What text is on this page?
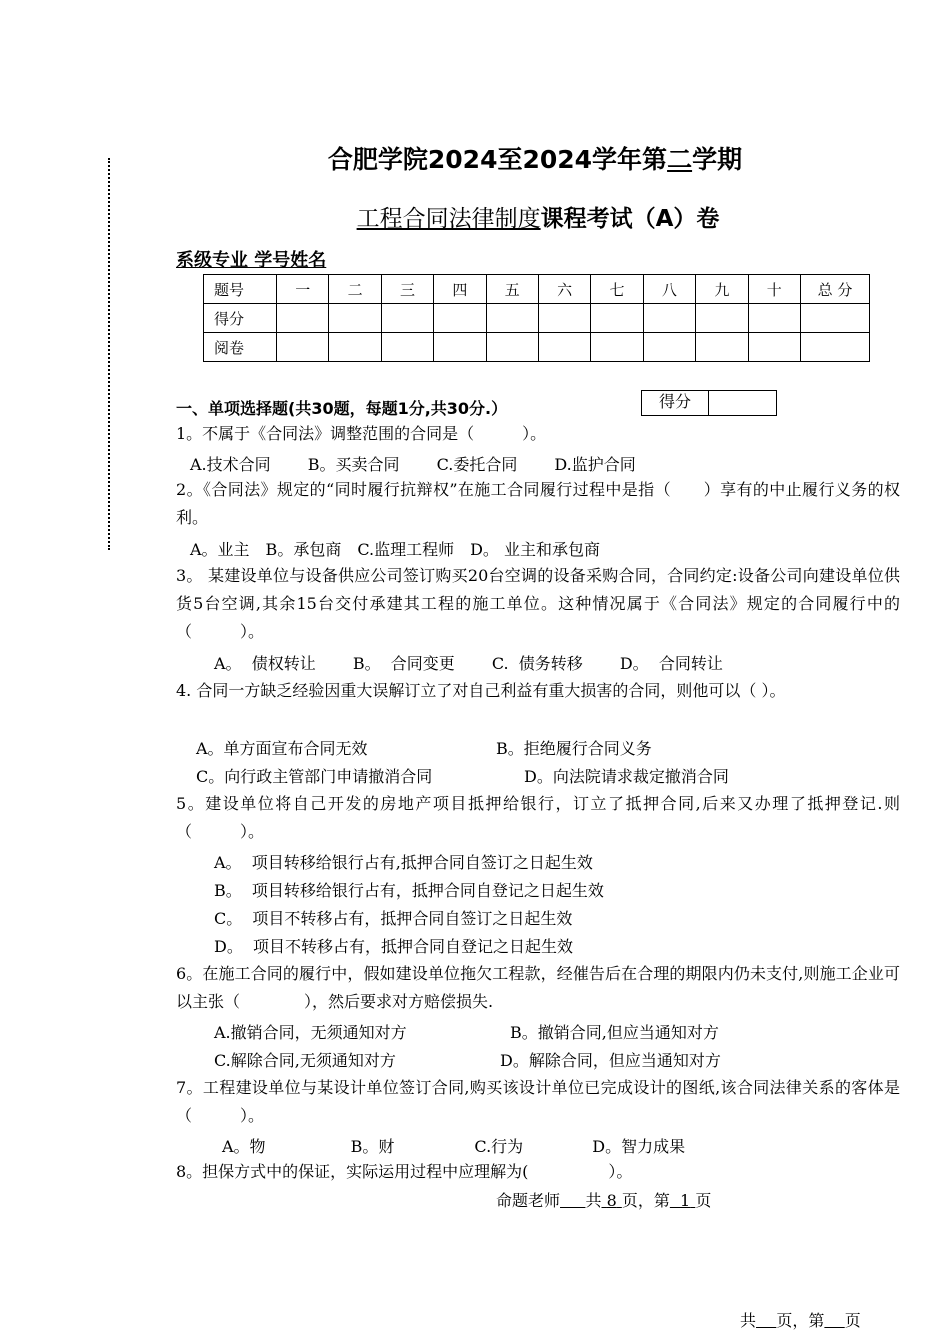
合肥学院2024至2024学年第二学期
工程合同法律制度课程考试（A）卷
系级专业 学号姓名
题号	一	二	三	四	五	六	七	八	九	十	总 分
得分											
阅卷											
一、单项选择题(共30题，每题1分,共30分.）	得分
1。不属于《合同法》调整范围的合同是（　　　）。
A.技术合同　　 B。买卖合同　　 C.委托合同　　 D.监护合同
2。《合同法》规定的“同时履行抗辩权”在施工合同履行过程中是指（　　）享有的中止履行义务的权利。
A。业主　B。承包商　C.监理工程师　D。 业主和承包商
3。 某建设单位与设备供应公司签订购买20台空调的设备采购合同，合同约定:设备公司向建设单位供货5台空调,其余15台交付承建其工程的施工单位。这种情况属于《合同法》规定的合同履行中的（　　　）。
A。  债权转让　　 B。  合同变更　　 C.  债务转移　　 D。  合同转让
4. 合同一方缺乏经验因重大误解订立了对自己利益有重大损害的合同，则他可以（ ）。
A。单方面宣布合同无效	B。拒绝履行合同义务
C。向行政主管部门申请撤消合同	D。向法院请求裁定撤消合同
5。建设单位将自己开发的房地产项目抵押给银行，订立了抵押合同,后来又办理了抵押登记.则（　　　）。
A。  项目转移给银行占有,抵押合同自签订之日起生效
B。  项目转移给银行占有，抵押合同自登记之日起生效
C。  项目不转移占有，抵押合同自签订之日起生效
D。  项目不转移占有，抵押合同自登记之日起生效
6。在施工合同的履行中，假如建设单位拖欠工程款，经催告后在合理的期限内仍未支付,则施工企业可以主张（　　　　），然后要求对方赔偿损失.
A.撤销合同，无须通知对方	B。撤销合同,但应当通知对方
C.解除合同,无须通知对方	D。解除合同，但应当通知对方
7。工程建设单位与某设计单位签订合同,购买该设计单位已完成设计的图纸,该合同法律关系的客体是（　　　）。
A。物　　　　　 B。财　　　　　C.行为　　　　 D。智力成果
8。担保方式中的保证，实际运用过程中应理解为(　　　　　）。
命题老师 共 8 页，第 1 页
共 页，第 页
